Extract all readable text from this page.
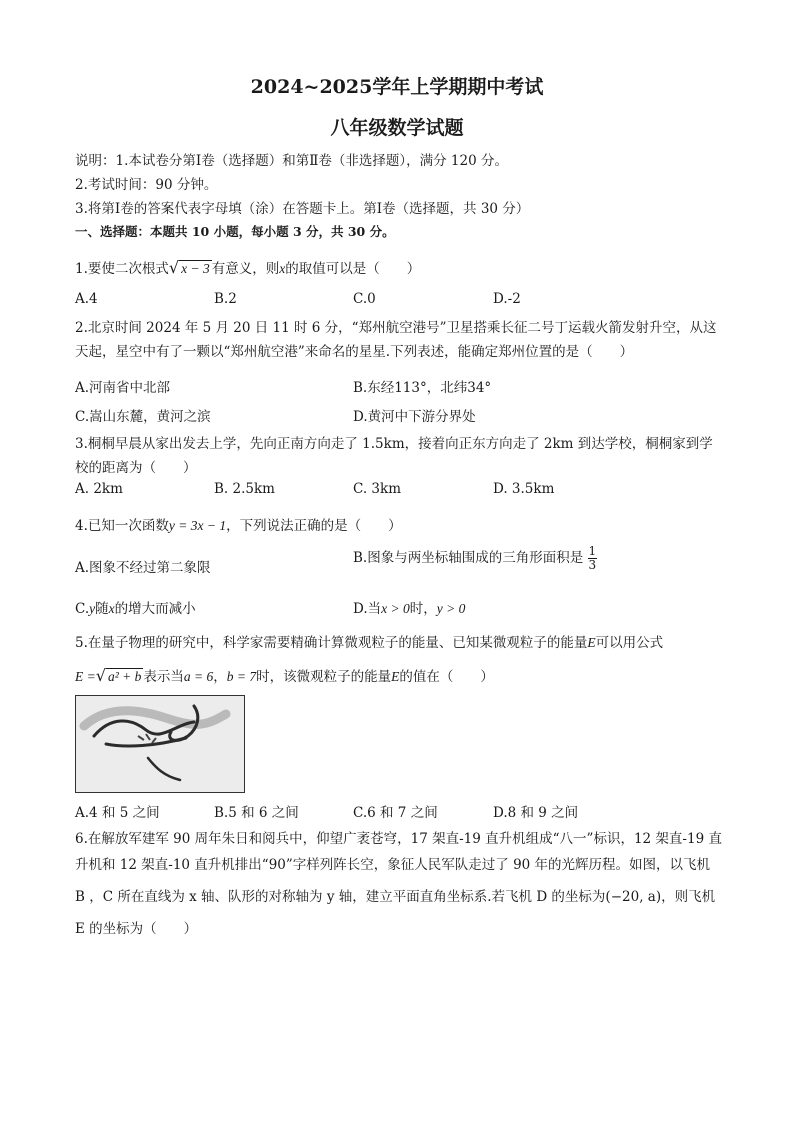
2024~2025学年上学期期中考试
八年级数学试题
说明：1.本试卷分第Ⅰ卷（选择题）和第Ⅱ卷（非选择题），满分 120 分。
2.考试时间：90 分钟。
3.将第Ⅰ卷的答案代表字母填（涂）在答题卡上。第Ⅰ卷（选择题，共 30 分）
一、选择题：本题共 10 小题，每小题 3 分，共 30 分。
1.要使二次根式√ x − 3 有意义，则x的取值可以是（　　）
A.4	B.2	C.0	D.-2
2.北京时间 2024 年 5 月 20 日 11 时 6 分，“郑州航空港号”卫星搭乘长征二号丁运载火箭发射升空，从这
天起，星空中有了一颗以“郑州航空港”来命名的星星.下列表述，能确定郑州位置的是（　　）
A.河南省中北部	B.东经113°，北纬34°
C.嵩山东麓，黄河之滨	D.黄河中下游分界处
3.桐桐早晨从家出发去上学，先向正南方向走了 1.5km，接着向正东方向走了 2km 到达学校，桐桐家到学
校的距离为（　　）
A. 2km	B. 2.5km	C. 3km	D. 3.5km
4.已知一次函数y = 3x − 1，下列说法正确的是（　　）
A.图象不经过第二象限
B.图象与两坐标轴围成的三角形面积是 $\frac{1}{3}$
C.y随x的增大而减小	D.当x > 0时，y > 0
5.在量子物理的研究中，科学家需要精确计算微观粒子的能量、已知某微观粒子的能量E可以用公式
E =√ a² + b 表示当a = 6，b = 7时，该微观粒子的能量E的值在（　　）
A.4 和 5 之间	B.5 和 6 之间	C.6 和 7 之间	D.8 和 9 之间
6.在解放军建军 90 周年朱日和阅兵中，仰望广袤苍穹，17 架直-19 直升机组成“八一”标识，12 架直-19 直
升机和 12 架直-10 直升机排出“90”字样列阵长空，象征人民军队走过了 90 年的光辉历程。如图，以飞机
B ，C 所在直线为 x 轴、队形的对称轴为 y 轴，建立平面直角坐标系.若飞机 D 的坐标为(−20, a)，则飞机
E 的坐标为（　　）
